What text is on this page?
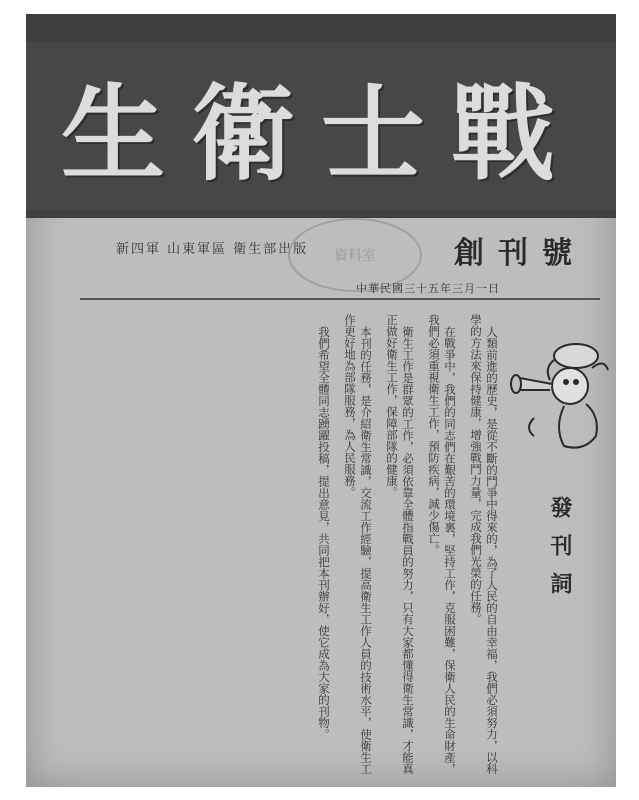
戰
士
衛
生
創刊號
新四軍 山東軍區 衛生部出版 資料室
中華民國三十五年三月一日
發刊詞

人類前進的歷史，是從不斷的鬥爭中得來的，為了人民的自由幸福，我們必須努力，以科學的方法來保持健康，增強戰鬥力量，完成我們光榮的任務。

在戰爭中，我們的同志們在艱苦的環境裏，堅持工作，克服困難，保衛人民的生命財產，我們必須重視衛生工作，預防疾病，減少傷亡。

衛生工作是群眾的工作，必須依靠全體指戰員的努力，只有大家都懂得衛生常識，才能真正做好衛生工作，保障部隊的健康。

本刊的任務，是介紹衛生常識，交流工作經驗，提高衛生工作人員的技術水平，使衛生工作更好地為部隊服務，為人民服務。

我們希望全體同志踴躍投稿，提出意見，共同把本刊辦好，使它成為大家的刊物。
